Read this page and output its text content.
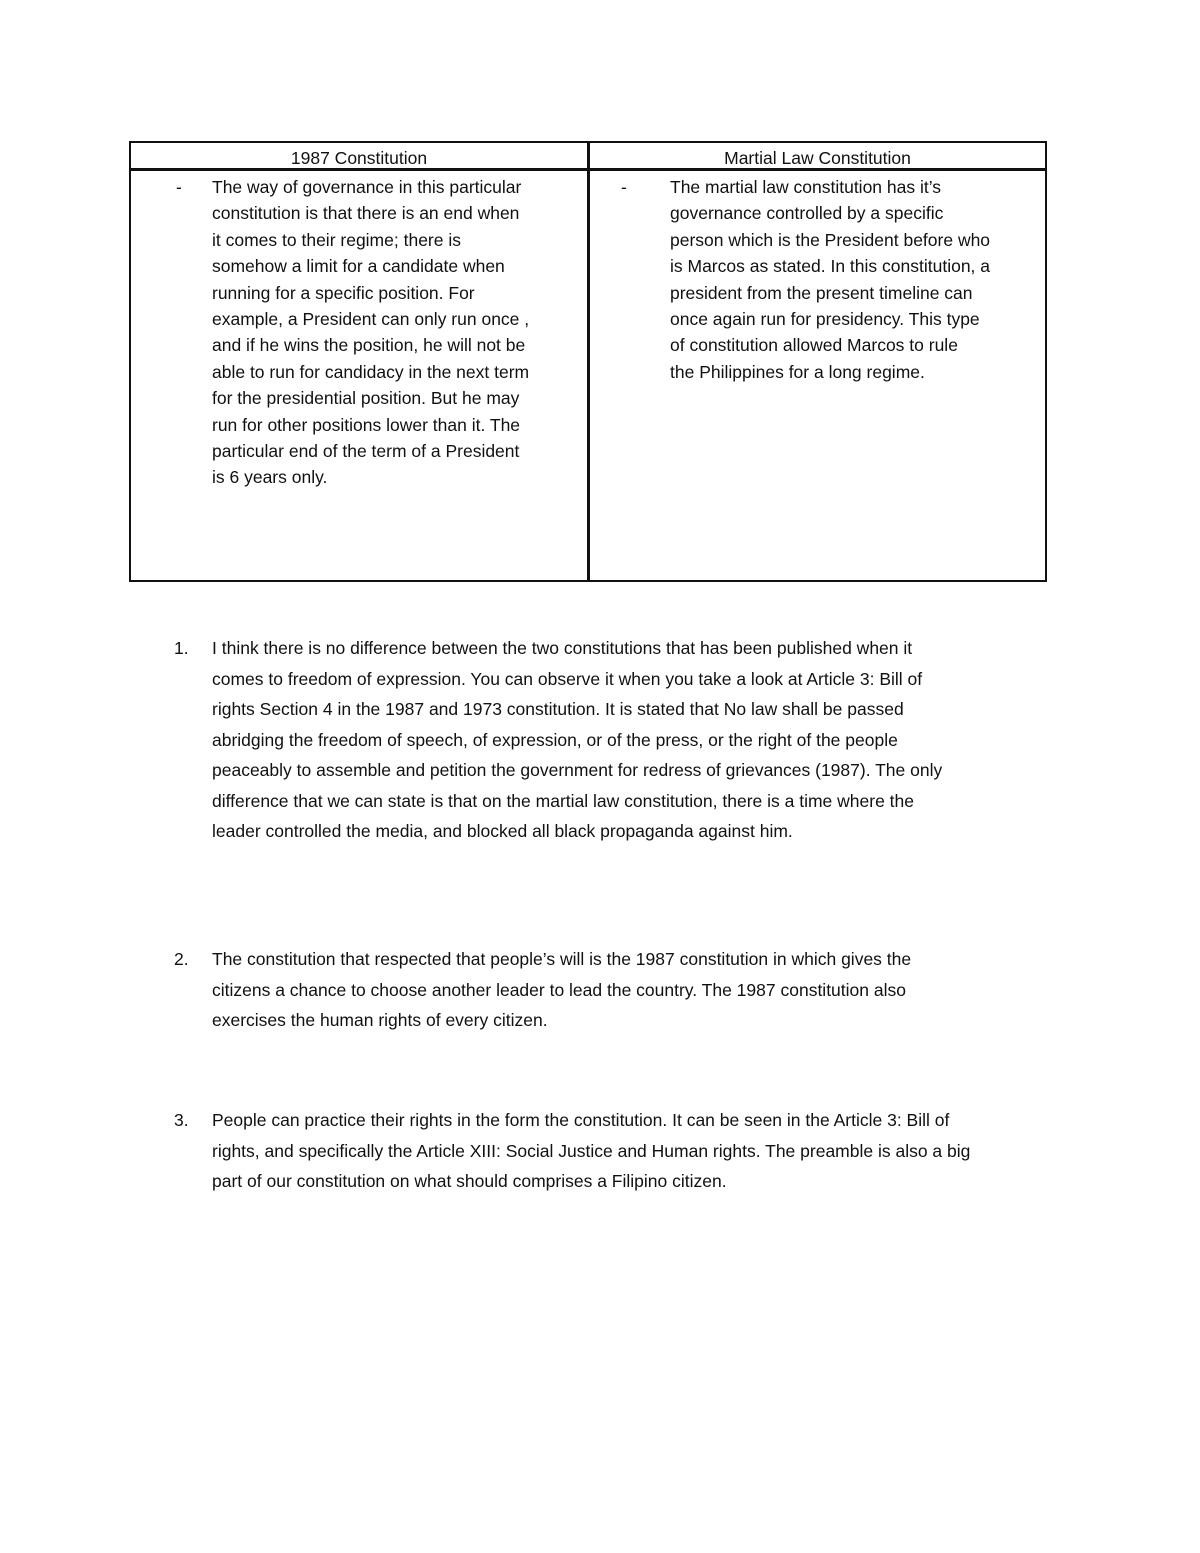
1987 Constitution	Martial Law Constitution
- The way of governance in this particular
constitution is that there is an end when
it comes to their regime; there is
somehow a limit for a candidate when
running for a specific position. For
example, a President can only run once ,
and if he wins the position, he will not be
able to run for candidacy in the next term
for the presidential position. But he may
run for other positions lower than it. The
particular end of the term of a President
is 6 years only.
- The martial law constitution has it’s
governance controlled by a specific
person which is the President before who
is Marcos as stated. In this constitution, a
president from the present timeline can
once again run for presidency. This type
of constitution allowed Marcos to rule
the Philippines for a long regime.
1. I think there is no difference between the two constitutions that has been published when it
comes to freedom of expression. You can observe it when you take a look at Article 3: Bill of
rights Section 4 in the 1987 and 1973 constitution. It is stated that No law shall be passed
abridging the freedom of speech, of expression, or of the press, or the right of the people
peaceably to assemble and petition the government for redress of grievances (1987). The only
difference that we can state is that on the martial law constitution, there is a time where the
leader controlled the media, and blocked all black propaganda against him.
2. The constitution that respected that people’s will is the 1987 constitution in which gives the
citizens a chance to choose another leader to lead the country. The 1987 constitution also
exercises the human rights of every citizen.
3. People can practice their rights in the form the constitution. It can be seen in the Article 3: Bill of
rights, and specifically the Article XIII: Social Justice and Human rights. The preamble is also a big
part of our constitution on what should comprises a Filipino citizen.
